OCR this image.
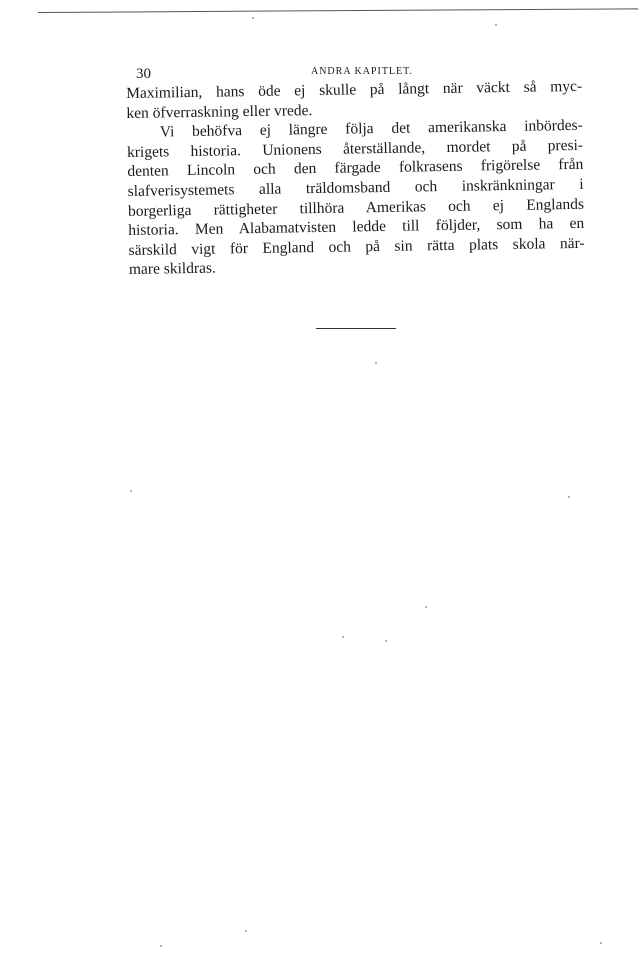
30	ANDRA KAPITLET.
Maximilian, hans öde ej skulle på långt när väckt så myc-
ken öfverraskning eller vrede.
Vi behöfva ej längre följa det amerikanska inbördes-
krigets historia. Unionens återställande, mordet på presi-
denten Lincoln och den färgade folkrasens frigörelse från
slafverisystemets alla träldomsband och inskränkningar i
borgerliga rättigheter tillhöra Amerikas och ej Englands
historia. Men Alabamatvisten ledde till följder, som ha en
särskild vigt för England och på sin rätta plats skola när-
mare skildras.
